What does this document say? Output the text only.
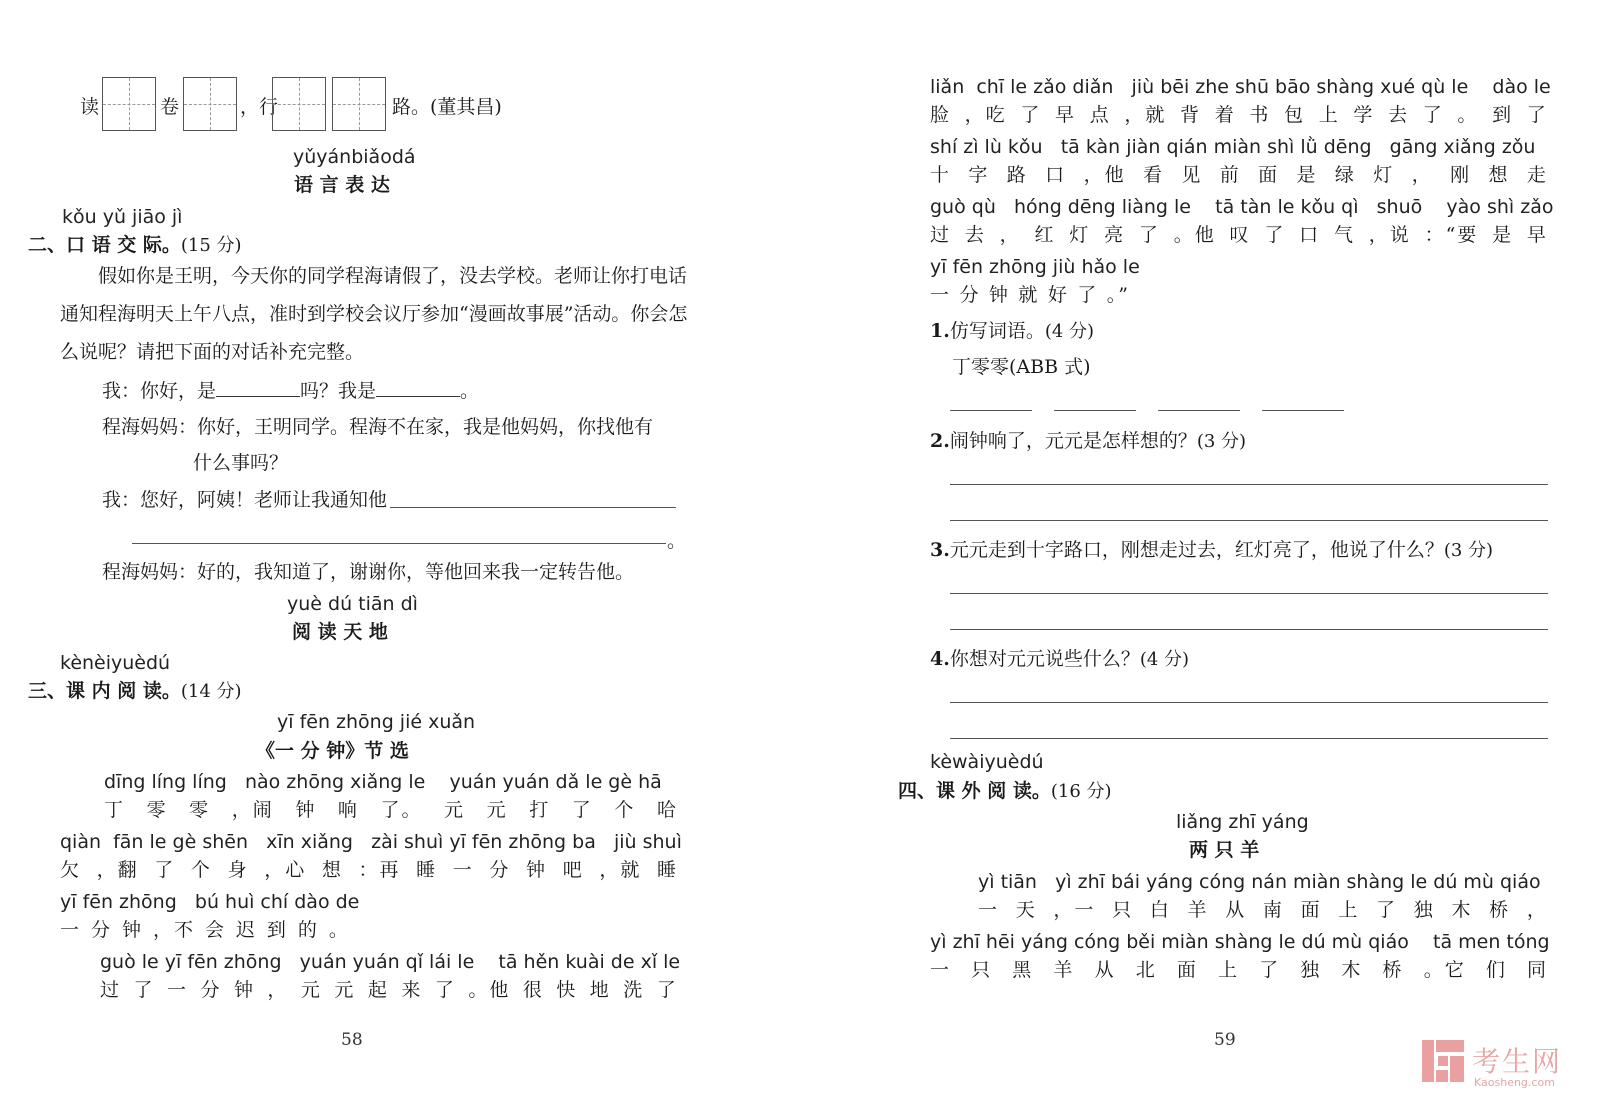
读	卷	，行	路。(董其昌)
yǔyánbiǎodá
语 言 表 达
kǒu yǔ jiāo jì
二、口 语 交 际。(15 分)
假如你是王明，今天你的同学程海请假了，没去学校。老师让你打电话通知程海明天上午八点，准时到学校会议厅参加“漫画故事展”活动。你会怎么说呢？请把下面的对话补充完整。
我：你好，是	吗？我是	。
程海妈妈：你好，王明同学。程海不在家，我是他妈妈，你找他有
什么事吗？
我：您好，阿姨！老师让我通知他
。
程海妈妈：好的，我知道了，谢谢你，等他回来我一定转告他。
yuè dú tiān dì
阅 读 天 地
kènèiyuèdú
三、课 内 阅 读。(14 分)
yī fēn zhōng jié xuǎn
《一 分 钟》节 选
dīng líng líng   nào zhōng xiǎng le    yuán yuán dǎ le gè hā
丁 零 零 ，闹 钟 响 了。 元 元 打 了 个 哈
qiàn  fān le gè shēn   xīn xiǎng   zài shuì yī fēn zhōng ba   jiù shuì
欠 ，翻 了 个 身 ，心 想 ：再 睡 一 分 钟 吧 ，就 睡
yī fēn zhōng   bú huì chí dào de
一 分 钟 ，不 会 迟 到 的 。
guò le yī fēn zhōng   yuán yuán qǐ lái le    tā hěn kuài de xǐ le
过 了 一 分 钟 ， 元 元 起 来 了 。他 很 快 地 洗 了
58
liǎn  chī le zǎo diǎn   jiù bēi zhe shū bāo shàng xué qù le    dào le
脸 ，吃 了 早 点 ，就 背 着 书 包 上 学 去 了 。 到 了
shí zì lù kǒu   tā kàn jiàn qián miàn shì lǜ dēng   gāng xiǎng zǒu
十 字 路 口 ，他 看 见 前 面 是 绿 灯 ， 刚 想 走
guò qù   hóng dēng liàng le    tā tàn le kǒu qì   shuō    yào shì zǎo
过 去 ， 红 灯 亮 了 。他 叹 了 口 气 ，说 ：“要 是 早
yī fēn zhōng jiù hǎo le
一 分 钟 就 好 了 。”
1.仿写词语。(4 分)
丁零零(ABB 式)
2.闹钟响了，元元是怎样想的？(3 分)
3.元元走到十字路口，刚想走过去，红灯亮了，他说了什么？(3 分)
4.你想对元元说些什么？(4 分)
kèwàiyuèdú
四、课 外 阅 读。(16 分)
liǎng zhī yáng
两 只 羊
yì tiān   yì zhī bái yáng cóng nán miàn shàng le dú mù qiáo
一 天 ，一 只 白 羊 从 南 面 上 了 独 木 桥 ，
yì zhī hēi yáng cóng běi miàn shàng le dú mù qiáo    tā men tóng
一 只 黑 羊 从 北 面 上 了 独 木 桥 。它 们 同
59
考生网
Kaosheng.com
